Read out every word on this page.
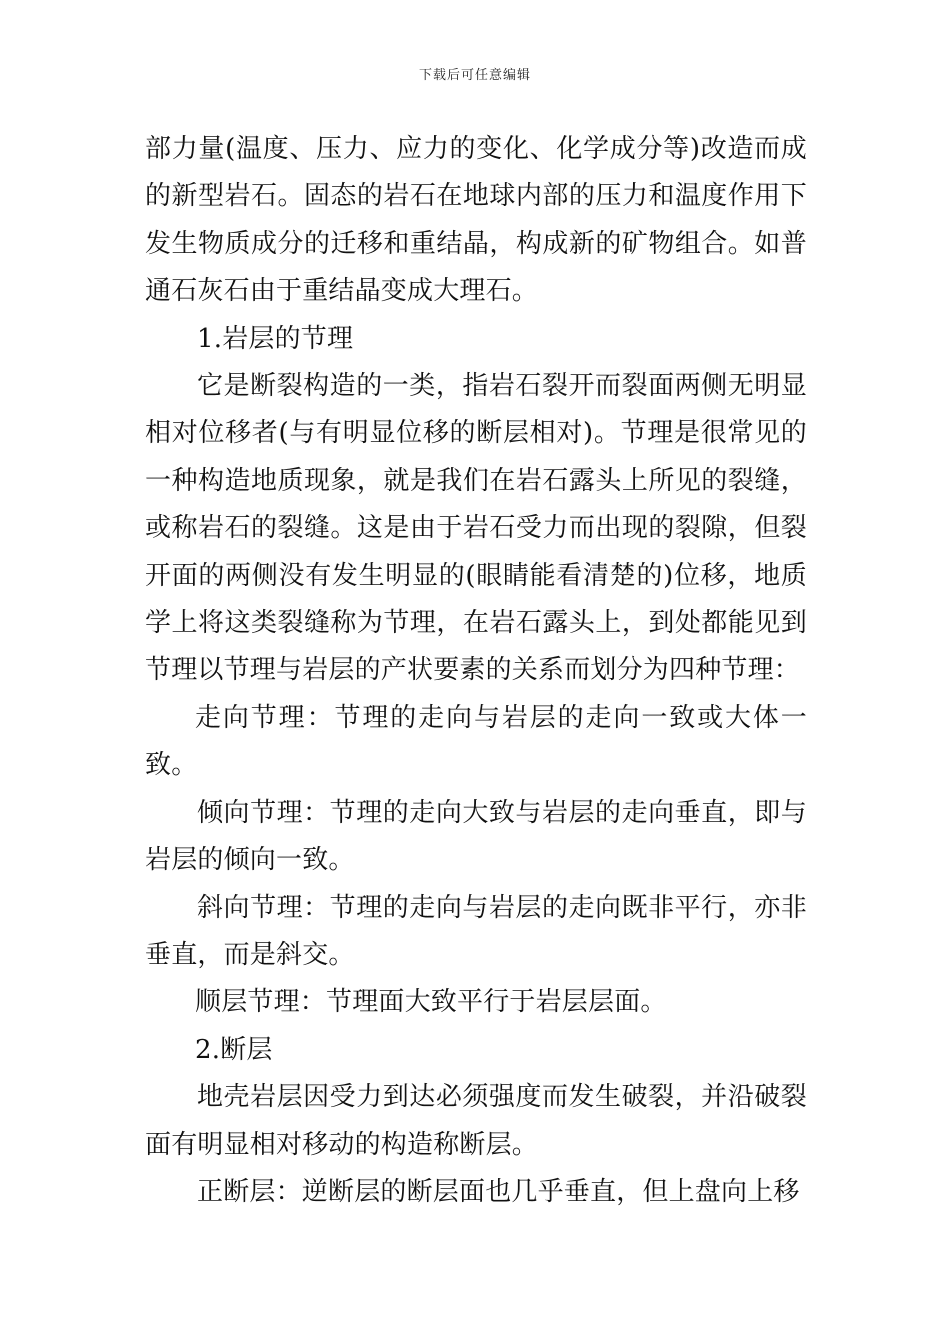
下载后可任意编辑

部力量(温度、压力、应力的变化、化学成分等)改造而成的新型岩石。固态的岩石在地球内部的压力和温度作用下发生物质成分的迁移和重结晶，构成新的矿物组合。如普通石灰石由于重结晶变成大理石。

1.岩层的节理

它是断裂构造的一类，指岩石裂开而裂面两侧无明显相对位移者(与有明显位移的断层相对)。节理是很常见的一种构造地质现象，就是我们在岩石露头上所见的裂缝，或称岩石的裂缝。这是由于岩石受力而出现的裂隙，但裂开面的两侧没有发生明显的(眼睛能看清楚的)位移，地质学上将这类裂缝称为节理，在岩石露头上，到处都能见到节理以节理与岩层的产状要素的关系而划分为四种节理：

走向节理：节理的走向与岩层的走向一致或大体一致。

倾向节理：节理的走向大致与岩层的走向垂直，即与岩层的倾向一致。

斜向节理：节理的走向与岩层的走向既非平行，亦非垂直，而是斜交。

顺层节理：节理面大致平行于岩层层面。

2.断层

地壳岩层因受力到达必须强度而发生破裂，并沿破裂面有明显相对移动的构造称断层。

正断层：逆断层的断层面也几乎垂直，但上盘向上移
